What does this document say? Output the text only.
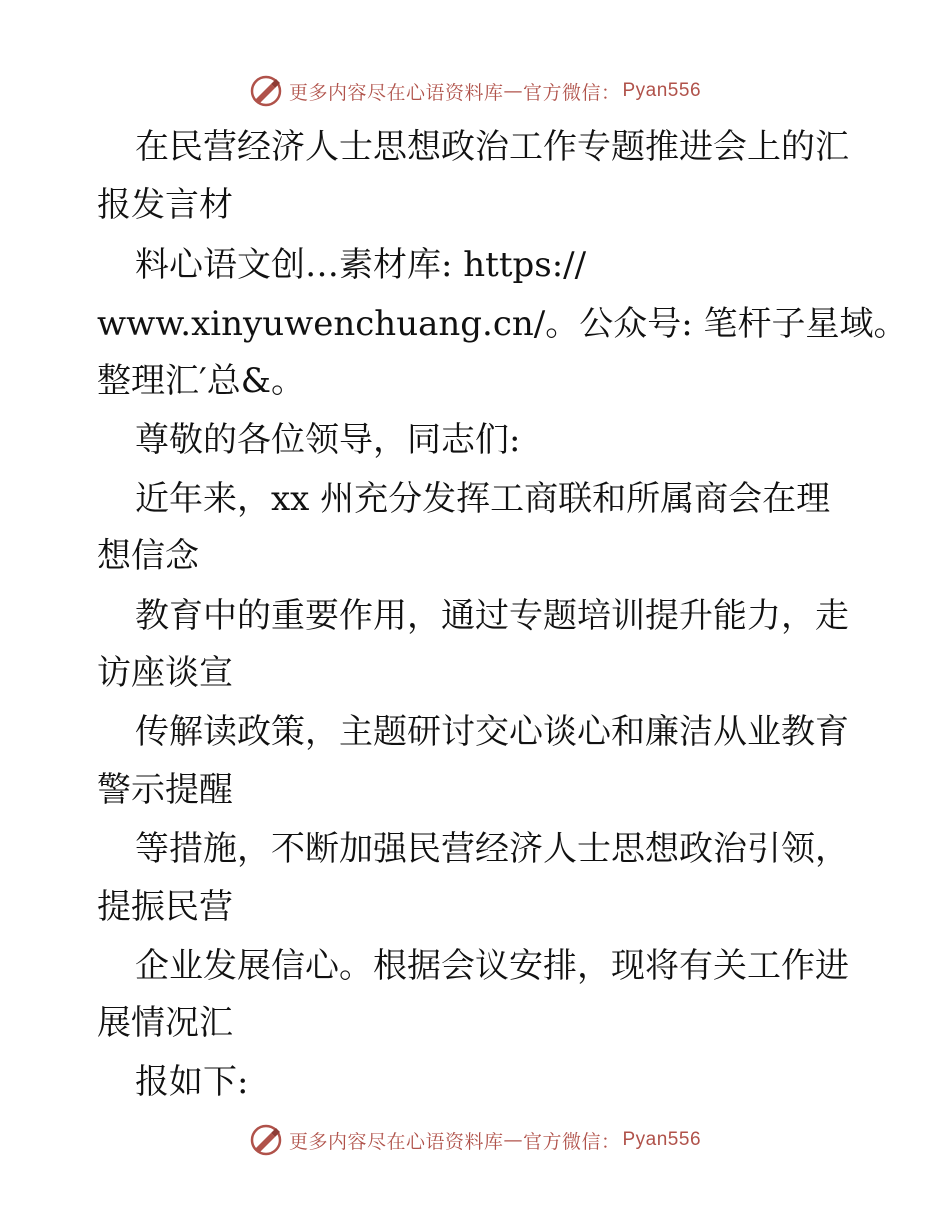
更多内容尽在心语资料库 — 官方微信： Pyan556
在民营经济人士思想政治工作专题推进会上的汇
报发言材
料心语文创…素材库: https://
www.xinyuwenchuang.cn/。公众号: 笔杆子星域。
整理汇′总&。
尊敬的各位领导，同志们:
近年来，xx 州充分发挥工商联和所属商会在理
想信念
教育中的重要作用，通过专题培训提升能力，走
访座谈宣
传解读政策，主题研讨交心谈心和廉洁从业教育
警示提醒
等措施，不断加强民营经济人士思想政治引领，
提振民营
企业发展信心。根据会议安排，现将有关工作进
展情况汇
报如下:
更多内容尽在心语资料库 — 官方微信： Pyan556
